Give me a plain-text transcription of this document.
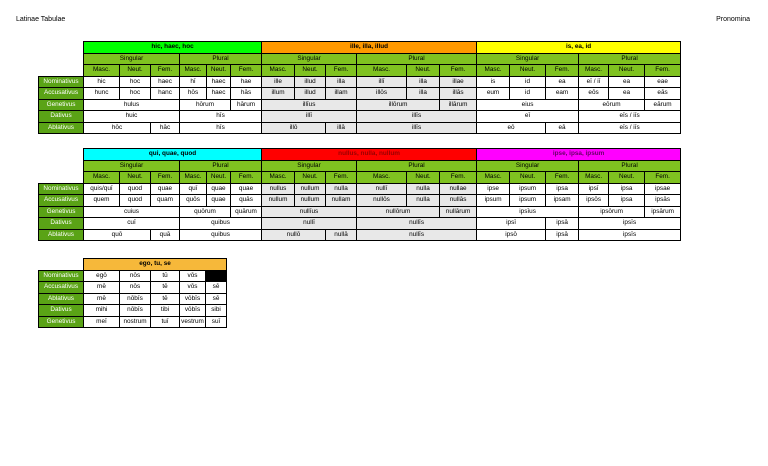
Latinae Tabulae	Pronomina
	hic, haec, hoc						ille, illa, illud						is, ea, id					
	Singular			Plural			Singular			Plural			Singular			Plural		
	Masc.	Neut.	Fem.	Masc.	Neut.	Fem.	Masc.	Neut.	Fem.	Masc.	Neut.	Fem.	Masc.	Neut.	Fem.	Masc.	Neut.	Fem.
Nominativus	hic	hoc	haec	hī	haec	hae	ille	illud	illa	illī	illa	illae	is	id	ea	eī / iī	ea	eae
Accusativus	hunc	hoc	hanc	hōs	haec	hās	illum	illud	illam	illōs	illa	illās	eum	id	eam	eōs	ea	eās
Genetivus	hulus			hōrum		hārum	illīus			illōrum		illārum	eius			eōrum		eārum
Dativus	huic			hīs			illī			illīs			eī			eīs / iīs		
Ablativus	hōc		hāc	hīs			illō		illā	illīs			eō		eā	eīs / iīs		
	qui, quae, quod						nullus, nulla, nullum						ipse, ipsa, ipsum					
	Singular			Plural			Singular			Plural			Singular			Plural		
	Masc.	Neut.	Fem.	Masc.	Neut.	Fem.	Masc.	Neut.	Fem.	Masc.	Neut.	Fem.	Masc.	Neut.	Fem.	Masc.	Neut.	Fem.
Nominativus	quis/quī	quod	quae	quī	quae	quae	nullus	nullum	nulla	nullī	nulla	nullae	ipse	ipsum	ipsa	ipsī	ipsa	ipsae
Accusativus	quem	quod	quam	quōs	quae	quās	nullum	nullum	nullam	nullōs	nulla	nullās	ipsum	ipsum	ipsam	ipsōs	ipsa	ipsās
Genetivus	cuius			quōrum		quārum	nullīus			nullōrum		nullārum	ipsīus			ipsōrum		ipsārum
Dativus	cuī			quibus			nullī			nullīs			ipsī		ipsā	ipsīs		
Ablativus	quō		quā	quibus			nullō		nullā	nullīs			ipsō		ipsā	ipsīs		
	ego, tu, se				
Nominativus	egō	nōs	tū	vōs	
Accusativus	mē	nōs	tē	vōs	sē
Ablativus	mē	nōbīs	tē	vōbīs	sē
Dativus	mihi	nōbīs	tibi	vōbīs	sibi
Genetivus	meī	nostrum	tuī	vestrum	suī
